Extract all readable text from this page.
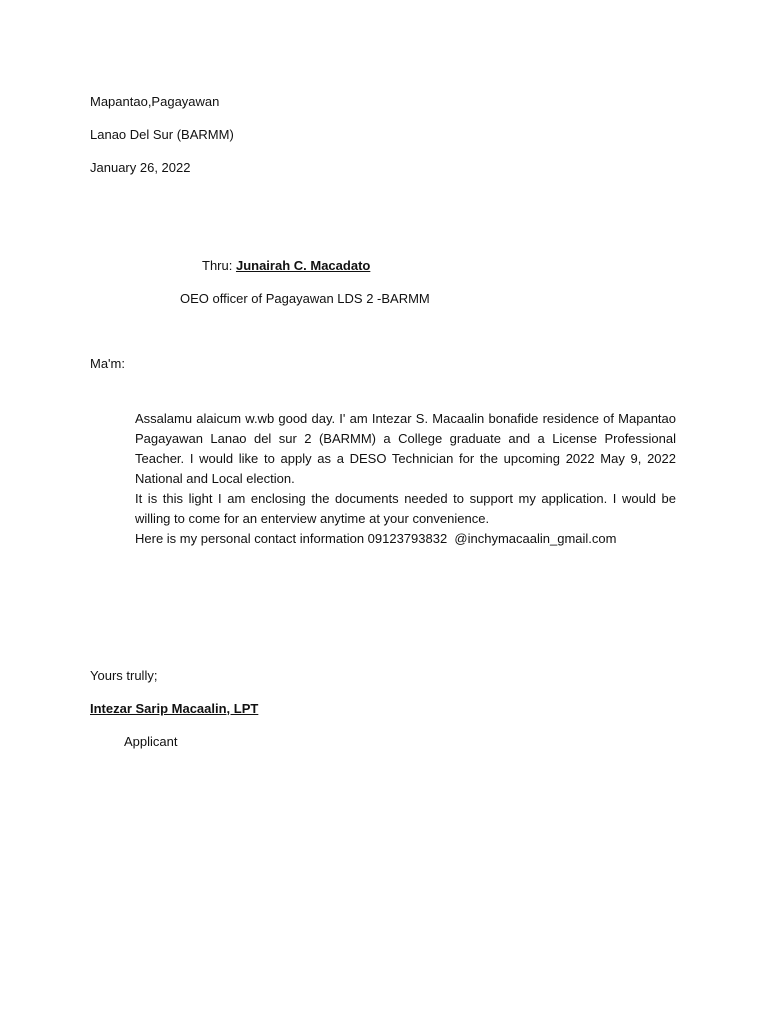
Mapantao,Pagayawan
Lanao Del Sur (BARMM)
January 26, 2022
Thru: Junairah C. Macadato
OEO officer of Pagayawan LDS 2 -BARMM
Ma'm:

Assalamu alaicum w.wb good day. I' am Intezar S. Macaalin bonafide residence of Mapantao Pagayawan Lanao del sur 2 (BARMM) a College graduate and a License Professional Teacher. I would like to apply as a DESO Technician for the upcoming 2022 May 9, 2022 National and Local election.

It is this light I am enclosing the documents needed to support my application. I would be willing to come for an enterview anytime at your convenience.

Here is my personal contact information 09123793832  @inchymacaalin_gmail.com

Yours trully;
Intezar Sarip Macaalin, LPT
Applicant
